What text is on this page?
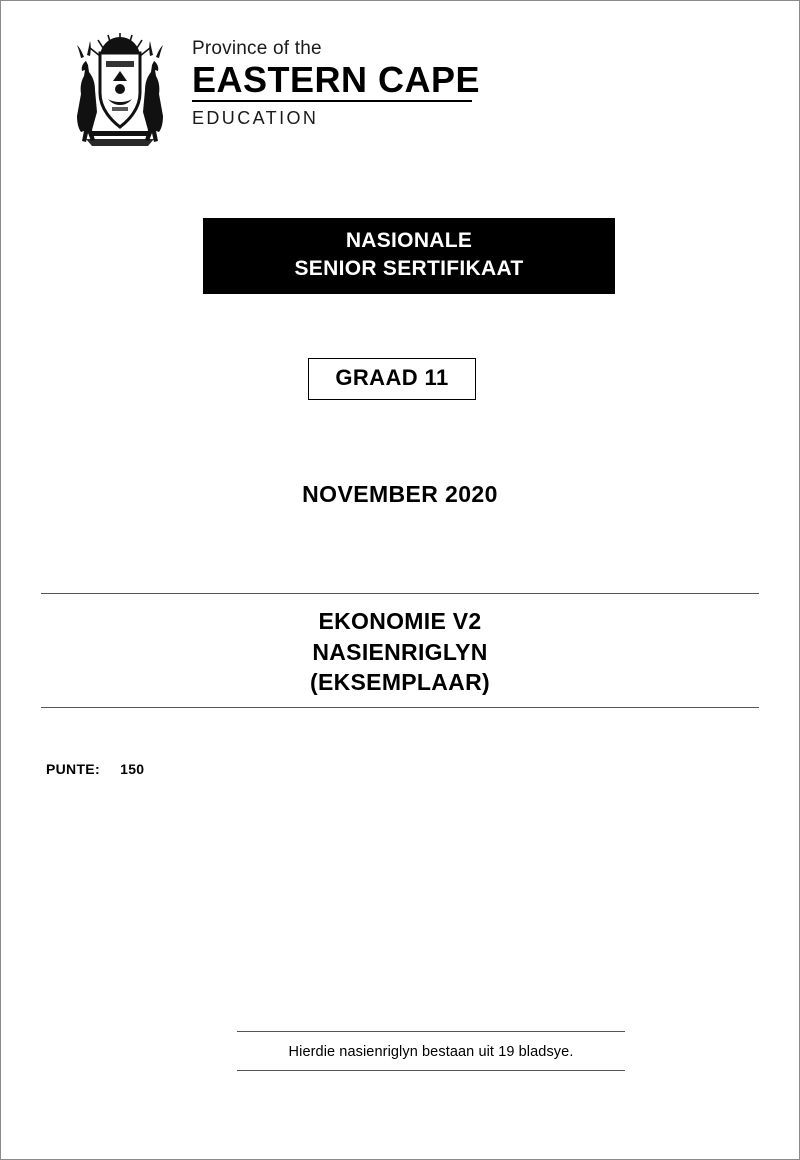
Province of the
EASTERN CAPE
EDUCATION
NASIONALE
SENIOR SERTIFIKAAT
GRAAD 11
NOVEMBER 2020
EKONOMIE V2
NASIENRIGLYN
(EKSEMPLAAR)
PUNTE: 150
Hierdie nasienriglyn bestaan uit 19 bladsye.
